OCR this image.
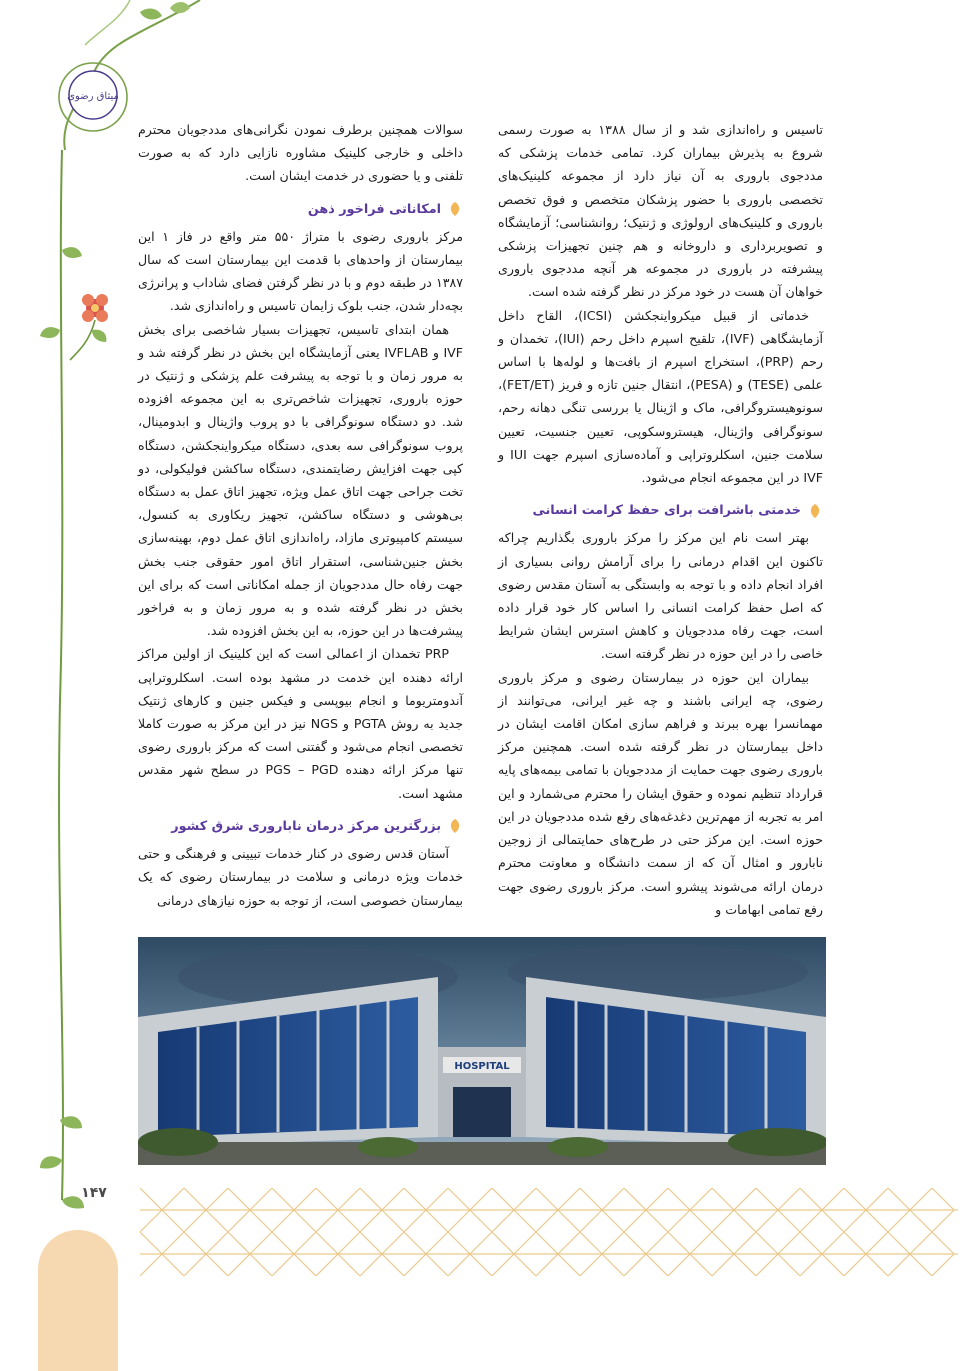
میثاق رضوی

تاسیس و راه‌اندازی شد و از سال ۱۳۸۸ به صورت رسمی شروع به پذیرش بیماران کرد. تمامی خدمات پزشکی که مددجوی باروری به آن نیاز دارد از مجموعه کلینیک‌های تخصصی باروری با حضور پزشکان متخصص و فوق تخصص باروری و کلینیک‌های ارولوژی و ژنتیک؛ روانشناسی؛ آزمایشگاه و تصویربرداری و داروخانه و هم چنین تجهیزات پزشکی پیشرفته در باروری در مجموعه هر آنچه مددجوی باروری خواهان آن هست در خود مرکز در نظر گرفته شده است.

خدماتی از قبیل میکرواینجکشن (ICSI)، القاح داخل آزمایشگاهی (IVF)، تلقیح اسپرم داخل رحم (IUI)، تخمدان و رحم (PRP)، استخراج اسپرم از بافت‌ها و لوله‌ها با اساس علمی (TESE) و (PESA)، انتقال جنین تازه و فریز (FET/ET)، سونوهیستروگرافی، ماک و اژینال یا بررسی تنگی دهانه رحم، سونوگرافی واژینال، هیستروسکوپی، تعیین جنسیت، تعیین سلامت جنین، اسکلروتراپی و آماده‌سازی اسپرم جهت IUI و IVF در این مجموعه انجام می‌شود.

خدمتی باشرافت برای حفظ کرامت انسانی

بهتر است نام این مرکز را مرکز باروری بگذاریم چراکه تاکنون این اقدام درمانی را برای آرامش روانی بسیاری از افراد انجام داده و با توجه به وابستگی به آستان مقدس رضوی که اصل حفظ کرامت انسانی را اساس کار خود قرار داده است، جهت رفاه مددجویان و کاهش استرس ایشان شرایط خاصی را در این حوزه در نظر گرفته است.

بیماران این حوزه در بیمارستان رضوی و مرکز باروری رضوی، چه ایرانی باشند و چه غیر ایرانی، می‌توانند از مهمانسرا بهره ببرند و فراهم سازی امکان اقامت ایشان در داخل بیمارستان در نظر گرفته شده است. همچنین مرکز باروری رضوی جهت حمایت از مددجویان با تمامی بیمه‌های پایه قرارداد تنظیم نموده و حقوق ایشان را محترم می‌شمارد و این امر به تجربه از مهم‌ترین دغدغه‌های رفع شده مددجویان در این حوزه است. این مرکز حتی در طرح‌های حمایتمالی از زوجین نابارور و امثال آن که از سمت دانشگاه و معاونت محترم درمان ارائه می‌شوند پیشرو است. مرکز باروری رضوی جهت رفع تمامی ابهامات و

سوالات همچنین برطرف نمودن نگرانی‌های مددجویان محترم داخلی و خارجی کلینیک مشاوره نازایی دارد که به صورت تلفنی و یا حضوری در خدمت ایشان است.

امکاناتی فراخور ذهن

مرکز باروری رضوی با متراژ ۵۵۰ متر واقع در فاز ۱ این بیمارستان از واحدهای با قدمت این بیمارستان است که سال ۱۳۸۷ در طبقه دوم و با در نظر گرفتن فضای شاداب و پرانرژی بچه‌دار شدن، جنب بلوک زایمان تاسیس و راه‌اندازی شد.

همان ابتدای تاسیس، تجهیزات بسیار شاخصی برای بخش IVF و IVFLAB یعنی آزمایشگاه این بخش در نظر گرفته شد و به مرور زمان و با توجه به پیشرفت علم پزشکی و ژنتیک در حوزه باروری، تجهیزات شاخص‌تری به این مجموعه افزوده شد. دو دستگاه سونوگرافی با دو پروب واژینال و ابدومینال، پروب سونوگرافی سه بعدی، دستگاه میکرواینجکشن، دستگاه کپی جهت افزایش رضایتمندی، دستگاه ساکشن فولیکولی، دو تخت جراحی جهت اتاق عمل ویژه، تجهیز اتاق عمل به دستگاه بی‌هوشی و دستگاه ساکشن، تجهیز ریکاوری به کنسول، سیستم کامپیوتری مازاد، راه‌اندازی اتاق عمل دوم، بهینه‌سازی بخش جنین‌شناسی، استقرار اتاق امور حقوقی جنب بخش جهت رفاه حال مددجویان از جمله امکاناتی است که برای این بخش در نظر گرفته شده و به مرور زمان و به فراخور پیشرفت‌ها در این حوزه، به این بخش افزوده شد.

PRP تخمدان از اعمالی است که این کلینیک از اولین مراکز ارائه دهنده این خدمت در مشهد بوده است. اسکلروتراپی آندومتریوما و انجام بیوپسی و فیکس جنین و کارهای ژنتیک جدید به روش PGTA و NGS نیز در این مرکز به صورت کاملا تخصصی انجام می‌شود و گفتنی است که مرکز باروری رضوی تنها مرکز ارائه دهنده PGS – PGD در سطح شهر مقدس مشهد است.

بزرگترین مرکز درمان ناباروری شرق کشور

آستان قدس رضوی در کنار خدمات تبیینی و فرهنگی و حتی خدمات ویژه درمانی و سلامت در بیمارستان رضوی که یک بیمارستان خصوصی است، از توجه به حوزه نیازهای درمانی

HOSPITAL
۱۴۷
